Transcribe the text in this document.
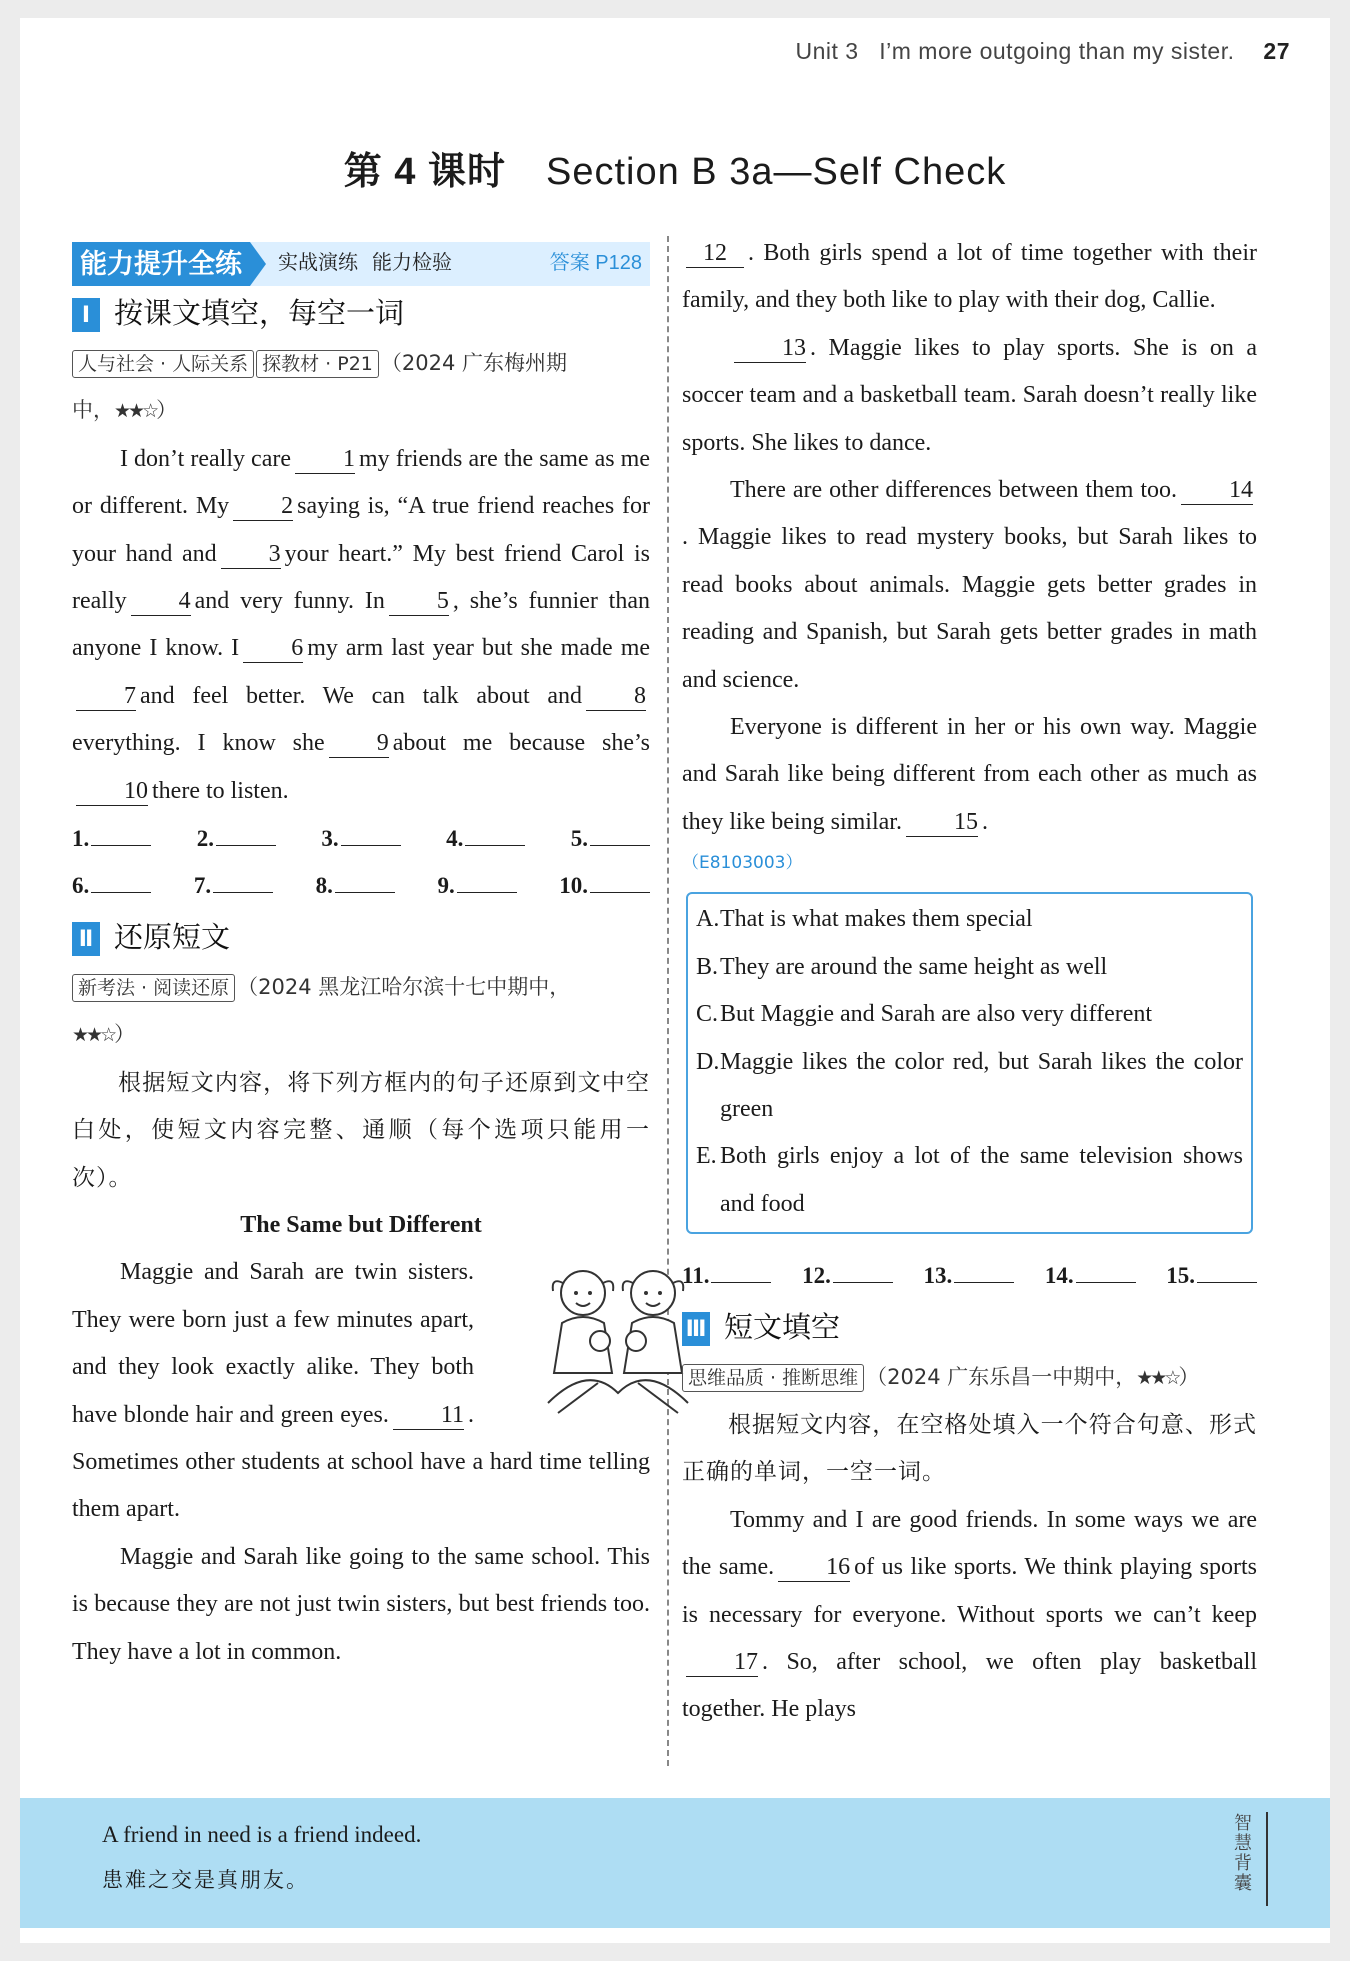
Unit 3 I’m more outgoing than my sister. 27
第 4 课时 Section B 3a—Self Check
能力提升全练	实战演练 能力检验	答案 P128
Ⅰ 按课文填空，每空一词

人与社会 · 人际关系 探教材 · P21 （2024 广东梅州期
中，★★☆）

I don’t really care 1 my friends are the same as me or different. My 2 saying is, “A true friend reaches for your hand and 3 your heart.” My best friend Carol is really 4 and very funny. In 5 , she’s funnier than anyone I know. I 6 my arm last year but she made me7 and feel better. We can talk about and 8everything. I know she 9 about me because she’s10 there to listen.

1.	2.	3.	4.	5.
6.	7.	8.	9.	10.
Ⅱ 还原短文

新考法 · 阅读还原 （2024 黑龙江哈尔滨十七中期中，
★★☆）

根据短文内容，将下列方框内的句子还原到文中空白处，使短文内容完整、通顺（每个选项只能用一次）。

The Same but Different

Maggie and Sarah are twin sisters. They were born just a few minutes apart, and they look exactly alike. They both have blonde hair and green eyes. 11 . Sometimes other students at school have a hard time telling them apart.

Maggie and Sarah like going to the same school. This is because they are not just twin sisters, but best friends too. They have a lot in common.

12 . Both girls spend a lot of time together with their family, and they both like to play with their dog, Callie.

13 . Maggie likes to play sports. She is on a soccer team and a basketball team. Sarah doesn’t really like sports. She likes to dance.

There are other differences between them too. 14. Maggie likes to read mystery books, but Sarah likes to read books about animals. Maggie gets better grades in reading and Spanish, but Sarah gets better grades in math and science.

Everyone is different in her or his own way. Maggie and Sarah like being different from each other as much as they like being similar. 15 .

（E8103003）

A. That is what makes them special
B. They are around the same height as well
C. But Maggie and Sarah are also very different
D. Maggie likes the color red, but Sarah likes the color green
E. Both girls enjoy a lot of the same television shows and food
11.	12.	13.	14.	15.
Ⅲ 短文填空

思维品质 · 推断思维 （2024 广东乐昌一中期中，★★☆）

根据短文内容，在空格处填入一个符合句意、形式正确的单词，一空一词。

Tommy and I are good friends. In some ways we are the same. 16 of us like sports. We think playing sports is necessary for everyone. Without sports we can’t keep17 . So, after school, we often play basketball together. He plays

A friend in need is a friend indeed.
患难之交是真朋友。
智慧背囊
